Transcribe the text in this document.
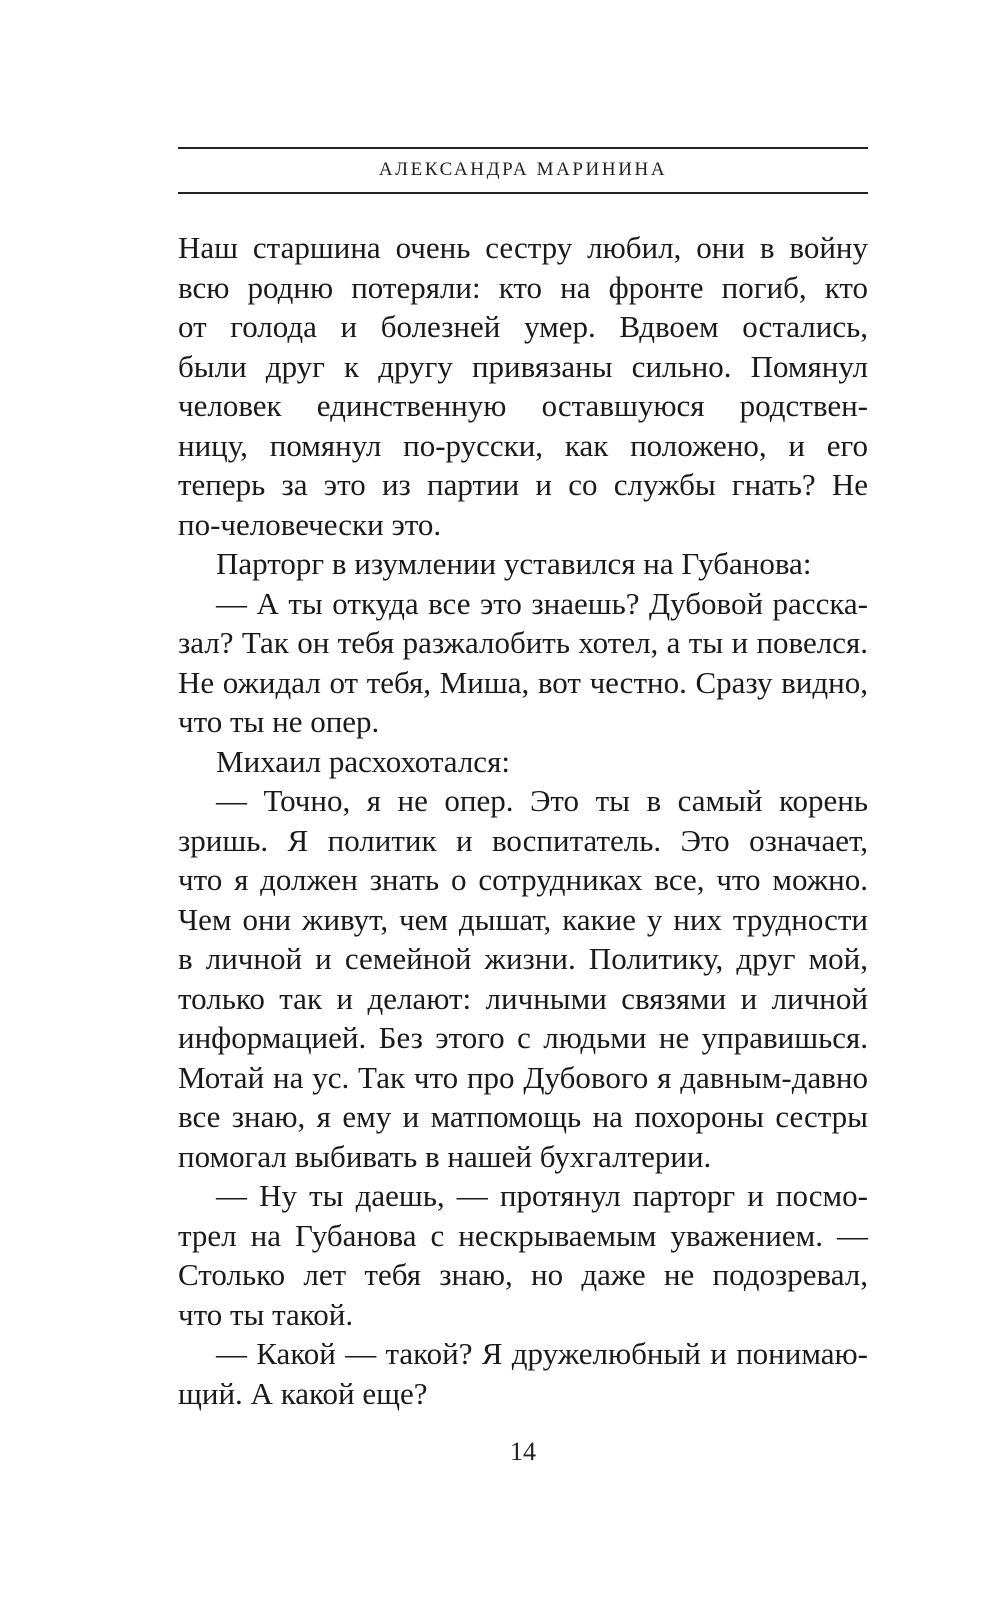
АЛЕКСАНДРА МАРИНИНА
Наш старшина очень сестру любил, они в войну
всю родню потеряли: кто на фронте погиб, кто
от голода и болезней умер. Вдвоем остались,
были друг к другу привязаны сильно. Помянул
человек единственную оставшуюся родствен-
ницу, помянул по-русски, как положено, и его
теперь за это из партии и со службы гнать? Не
по-человечески это.
Парторг в изумлении уставился на Губанова:
— А ты откуда все это знаешь? Дубовой расска-
зал? Так он тебя разжалобить хотел, а ты и повелся.
Не ожидал от тебя, Миша, вот честно. Сразу видно,
что ты не опер.
Михаил расхохотался:
— Точно, я не опер. Это ты в самый корень
зришь. Я политик и воспитатель. Это означает,
что я должен знать о сотрудниках все, что можно.
Чем они живут, чем дышат, какие у них трудности
в личной и семейной жизни. Политику, друг мой,
только так и делают: личными связями и личной
информацией. Без этого с людьми не управишься.
Мотай на ус. Так что про Дубового я давным-давно
все знаю, я ему и матпомощь на похороны сестры
помогал выбивать в нашей бухгалтерии.
— Ну ты даешь, — протянул парторг и посмо-
трел на Губанова с нескрываемым уважением. —
Столько лет тебя знаю, но даже не подозревал,
что ты такой.
— Какой — такой? Я дружелюбный и понимаю-
щий. А какой еще?
14
